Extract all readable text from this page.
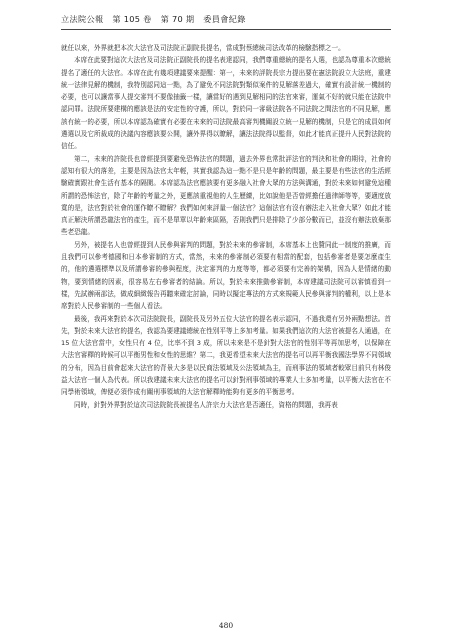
立法院公報 第 105 卷 第 70 期 委員會紀錄

就任以來，外界就把本次大法官及司法院正副院長提名，當成對蔡總統司法改革的檢驗指標之一。

本席在此要對這次大法官及司法院正副院長的提名表達認同，我們尊重總統的提名人選，也認為尊重本次總統提名了適任的大法官。本席在此有幾項建議要來提醒：第一，未來的評院長宗力提出要在憲法院設立大法庭，重建統一法律見解的機制，我特別認同這一點，為了避免不同法院對類似案件的見解落差過大，確實有設計統一機制的必要，也可以讓當事人提交審判不要像抽籤一樣，讓當好的遇到見解相同的法官來審，運氣不好的就只能在法院中認同罪。法院所要建構的應該是法的安定性的守護，所以，對於同一審級法院各不同法院之間法官的不同見解，應該有統一的必要，所以本席認為確實有必要在未來的司法院最高審判機關設立統一見解的機制，只是它的成員如何遴選以及它所裁成的決議內容應該要公開，讓外界得以瞭解，讓法法院得以監督，如此才能真正提升人民對法院的信任。

第二，未來的許院長也曾經提到要避免恐怖法官的問題，過去外界也常批評法官的判決和社會的期待，社會的認知有很大的落差，主要是因為法官太年輕，其實我認為這一點不是只是年齡的問題，最主要是有些法官的生活經驗確實跟社會生活有基本的隔閡。本席認為法官應該要有更多融入社會大眾的方法與溝通，對於未來如何避免這種所謂的恐怖法官，除了年齡的考量之外，更應該重視他的人生歷練，比如說他是否曾經擔任過律師等等，要適度放寬的是，法官對於社會的運作瞭不瞭解？我們如何來評量一個法官？這個法官有沒有辦法走入社會大眾？如此才能真正解決所謂恐龍法官的產生，而不是單單以年齡來區隔，否則我們只是排除了少部分數而已，並沒有辦法放棄那些老恐龍。

另外，被提名人也曾經提到人民參與審判的問題，對於未來的參審制，本席基本上也贊同此一制度的推廣，而且我們可以參考德國和日本參審制的方式，當然，未來的參審制必須要有相當的配套，包括參審者是要怎麼產生的，他的遴選標準以及所謂參審的參與程度，決定審判的力度等等，都必須要有完善的架構，因為人是情緒的動物，要到情緒的因素，很容易左右參審者的結論。所以，對於未來推動參審制，本席建議司法院可以審慎看到一樣，先試辦兩邵法，做成細緻報告再聽來確定討論，同時以擬定專法的方式來規範人民參與審判的權利，以上是本席對於人民參審制的一些個人看法。

最後，我再來對於本次司法院院長，副院長及另外五位大法官的提名表示認同，不過我還有另外兩點想法。首先，對於未來大法官的提名，我認為要建議總統在性別平等上多加考量。如果我們這次的大法官被提名人通過，在 15 位大法官當中，女性只有 4 位，比率不到 3 成，所以未來是不是針對大法官的性別平等再加思考，以保障在大法官審釋的時候可以平衡男性和女性的思維？第二，我更希望未來大法官的提名可以再平衡我國法學界不同領域的分布，因為目前會起來大法官的背景大多是以民商法領域及公法領域為主，而刑事法的領域者較眾目前只有林俊益大法官一個人為代表。所以我建議未來大法官的提名可以針對刑事領域的專業人士多加考量，以平衡大法官在不同學術領域，俾便必須作成有關刑事領域的大法官解釋時能夠有更多的平衡思考。

同時，針對外界對於這次司法院院長被提名人許宗力大法官是否適任，資格的問題，我再表

480
